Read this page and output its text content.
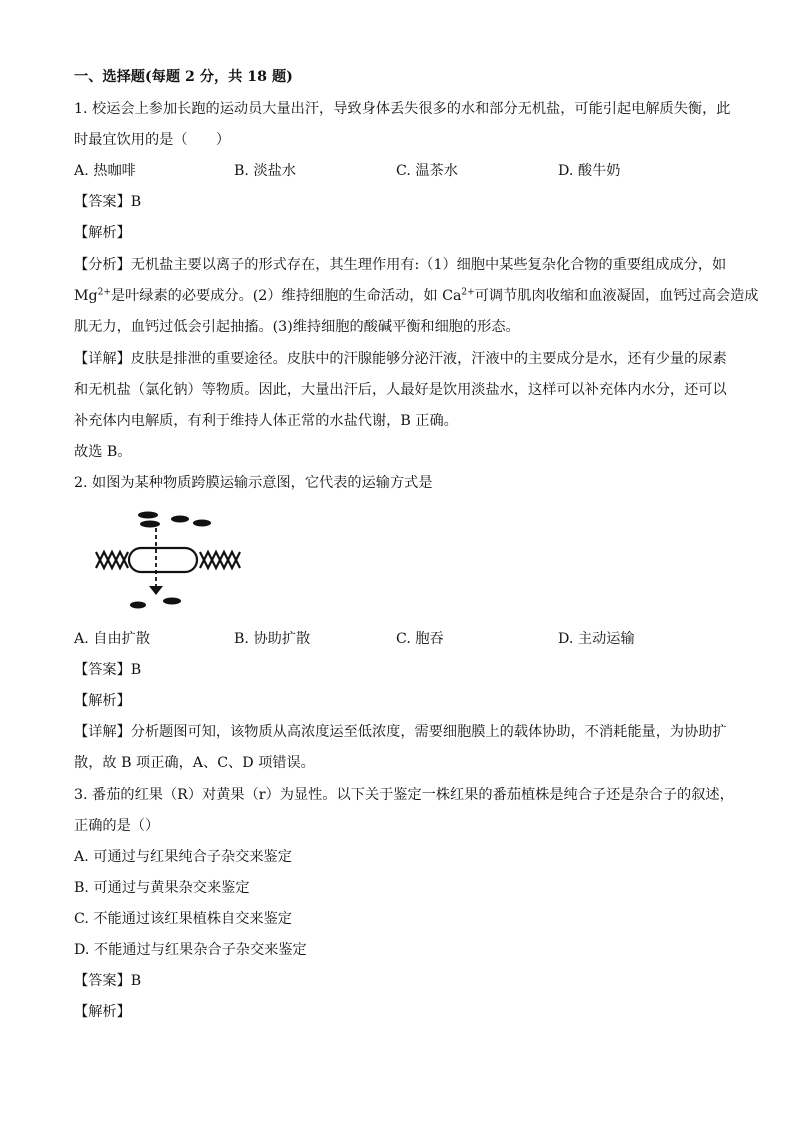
一、选择题(每题 2 分，共 18 题)
1. 校运会上参加长跑的运动员大量出汗，导致身体丢失很多的水和部分无机盐，可能引起电解质失衡，此
时最宜饮用的是（　　）
A. 热咖啡	B. 淡盐水	C. 温茶水	D. 酸牛奶
【答案】B
【解析】
【分析】无机盐主要以离子的形式存在，其生理作用有:（1）细胞中某些复杂化合物的重要组成成分，如
$Mg^{2+}$是叶绿素的必要成分。(2）维持细胞的生命活动，如 $Ca^{2+}$可调节肌肉收缩和血液凝固，血钙过高会造成
肌无力，血钙过低会引起抽搐。(3)维持细胞的酸碱平衡和细胞的形态。
【详解】皮肤是排泄的重要途径。皮肤中的汗腺能够分泌汗液，汗液中的主要成分是水，还有少量的尿素
和无机盐（氯化钠）等物质。因此，大量出汗后，人最好是饮用淡盐水，这样可以补充体内水分，还可以
补充体内电解质，有利于维持人体正常的水盐代谢，B 正确。
故选 B。
2. 如图为某种物质跨膜运输示意图，它代表的运输方式是
A. 自由扩散	B. 协助扩散	C. 胞吞	D. 主动运输
【答案】B
【解析】
【详解】分析题图可知，该物质从高浓度运至低浓度，需要细胞膜上的载体协助，不消耗能量，为协助扩
散，故 B 项正确，A、C、D 项错误。
3. 番茄的红果（R）对黄果（r）为显性。以下关于鉴定一株红果的番茄植株是纯合子还是杂合子的叙述，
正确的是（）
A. 可通过与红果纯合子杂交来鉴定
B. 可通过与黄果杂交来鉴定
C. 不能通过该红果植株自交来鉴定
D. 不能通过与红果杂合子杂交来鉴定
【答案】B
【解析】
